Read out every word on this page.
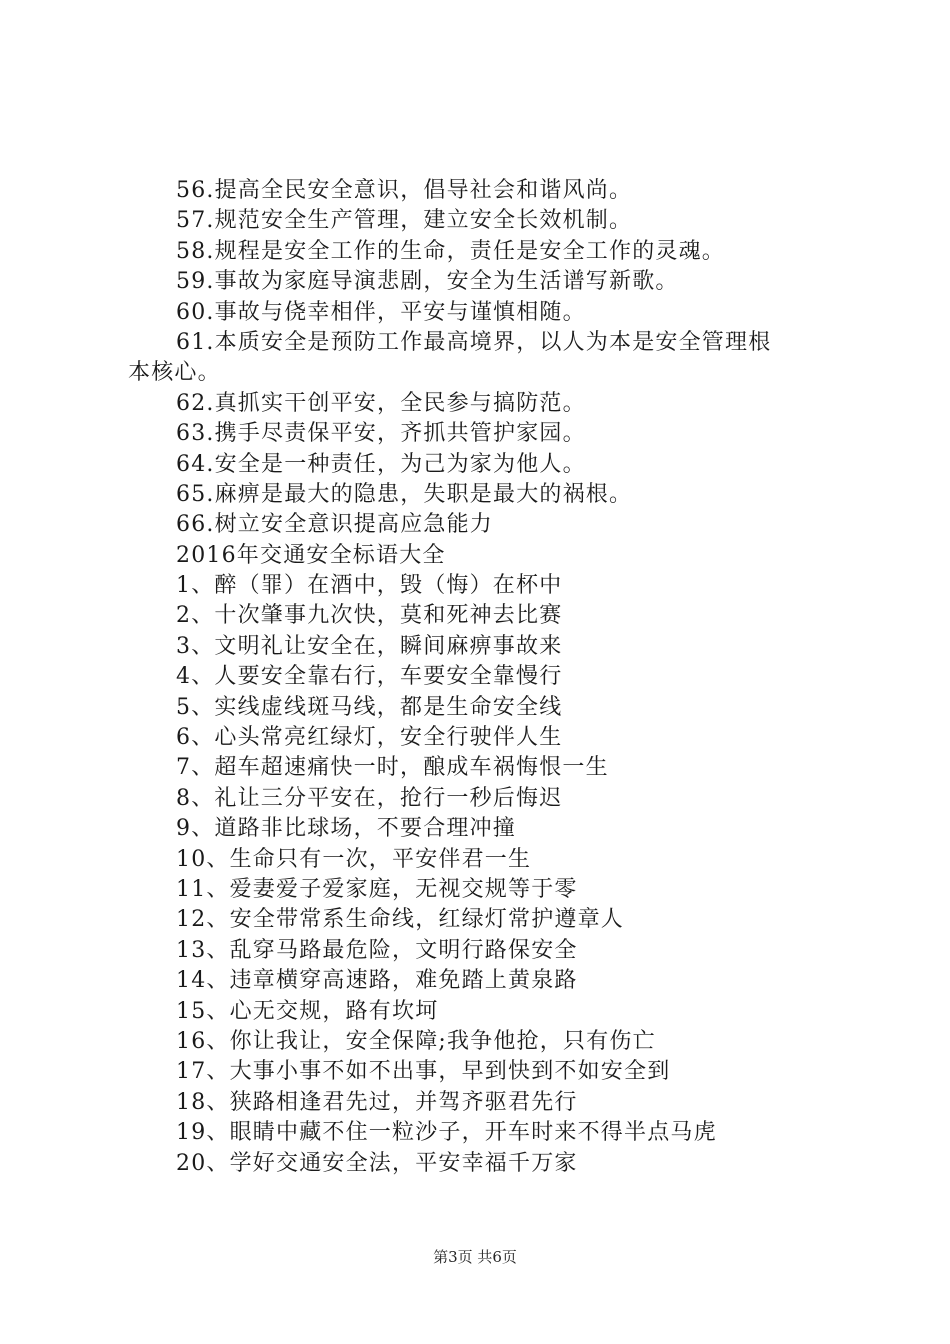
56.提高全民安全意识，倡导社会和谐风尚。
57.规范安全生产管理，建立安全长效机制。
58.规程是安全工作的生命，责任是安全工作的灵魂。
59.事故为家庭导演悲剧，安全为生活谱写新歌。
60.事故与侥幸相伴，平安与谨慎相随。
61.本质安全是预防工作最高境界，以人为本是安全管理根
本核心。
62.真抓实干创平安，全民参与搞防范。
63.携手尽责保平安，齐抓共管护家园。
64.安全是一种责任，为己为家为他人。
65.麻痹是最大的隐患，失职是最大的祸根。
66.树立安全意识提高应急能力
2016年交通安全标语大全
1、醉（罪）在酒中，毁（悔）在杯中
2、十次肇事九次快，莫和死神去比赛
3、文明礼让安全在，瞬间麻痹事故来
4、人要安全靠右行，车要安全靠慢行
5、实线虚线斑马线，都是生命安全线
6、心头常亮红绿灯，安全行驶伴人生
7、超车超速痛快一时，酿成车祸悔恨一生
8、礼让三分平安在，抢行一秒后悔迟
9、道路非比球场，不要合理冲撞
10、生命只有一次，平安伴君一生
11、爱妻爱子爱家庭，无视交规等于零
12、安全带常系生命线，红绿灯常护遵章人
13、乱穿马路最危险，文明行路保安全
14、违章横穿高速路，难免踏上黄泉路
15、心无交规，路有坎坷
16、你让我让，安全保障;我争他抢，只有伤亡
17、大事小事不如不出事，早到快到不如安全到
18、狭路相逢君先过，并驾齐驱君先行
19、眼睛中藏不住一粒沙子，开车时来不得半点马虎
20、学好交通安全法，平安幸福千万家
第3页 共6页
